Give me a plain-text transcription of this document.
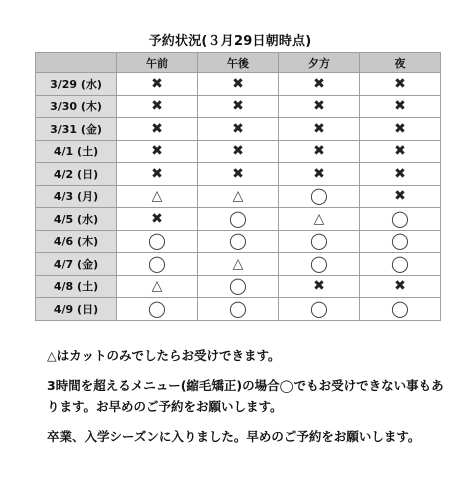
予約状況(３月29日朝時点)
	午前	午後	夕方	夜
3/29 (水)	✖	✖	✖	✖
3/30 (木)	✖	✖	✖	✖
3/31 (金)	✖	✖	✖	✖
4/1 (土)	✖	✖	✖	✖
4/2 (日)	✖	✖	✖	✖
4/3 (月)	△	△	◯	✖
4/5 (水)	✖	◯	△	◯
4/6 (木)	◯	◯	◯	◯
4/7 (金)	◯	△	◯	◯
4/8 (土)	△	◯	✖	✖
4/9 (日)	◯	◯	◯	◯

△はカットのみでしたらお受けできます。

3時間を超えるメニュー(縮毛矯正)の場合◯でもお受けできない事もあります。お早めのご予約をお願いします。

卒業、入学シーズンに入りました。早めのご予約をお願いします。
